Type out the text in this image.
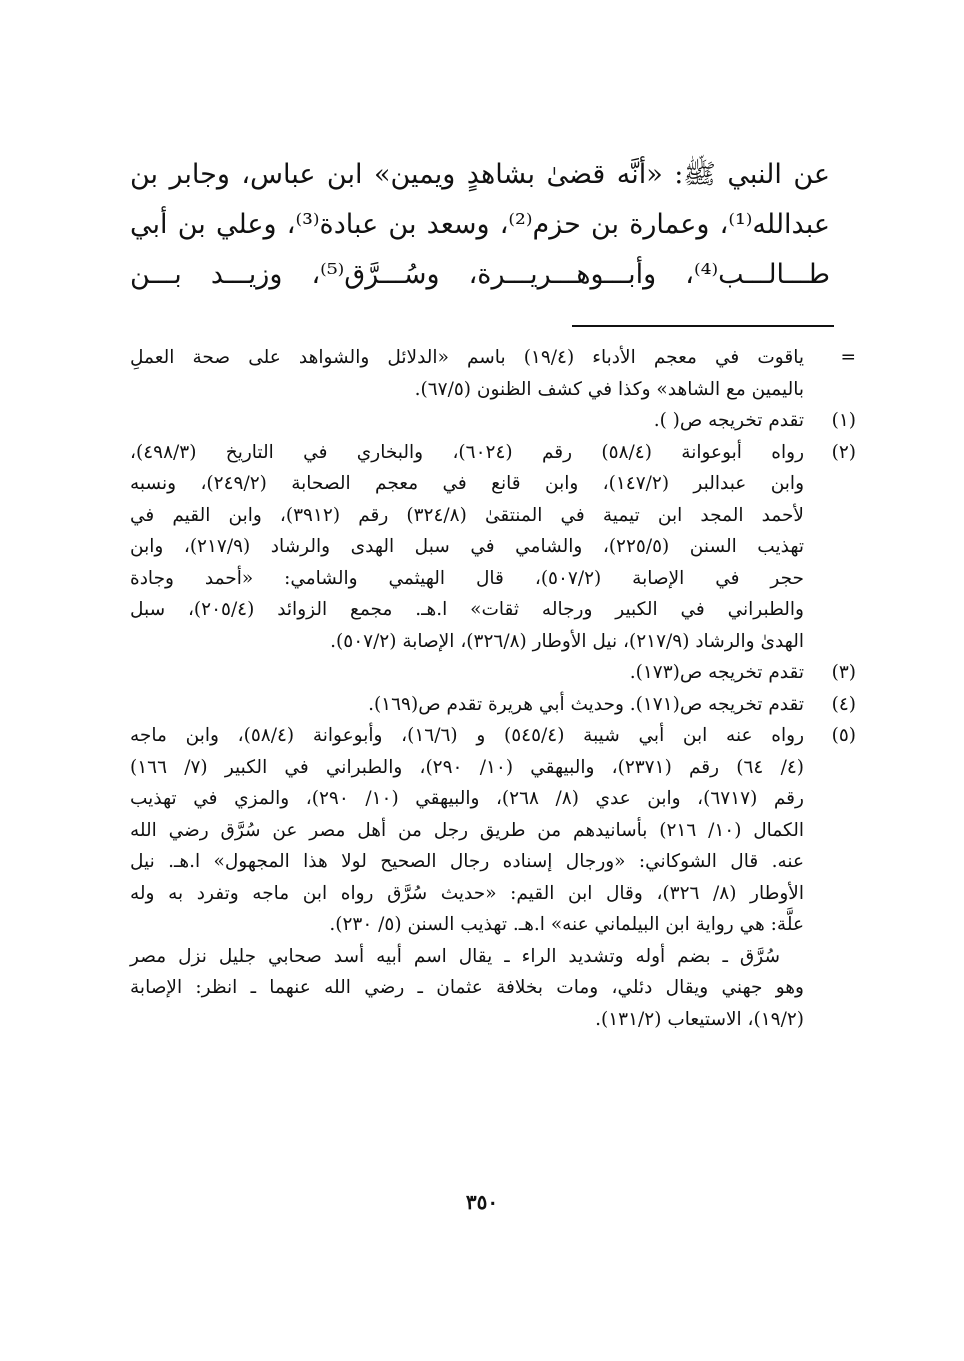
عن النبي ﷺ: «أنَّه قضىٰ بشاهدٍ ويمين» ابن عباس، وجابر بن
عبدالله⁽¹⁾، وعمارة بن حزم⁽²⁾، وسعد بن عبادة⁽³⁾، وعلي بن أبي
طـــالـــب⁽⁴⁾، وأبـــوهـــريـــرة، وسُـــرَّق⁽⁵⁾، وزيـــد بـــن
=
ياقوت في معجم الأدباء (١٩/٤) باسم «الدلائل والشواهد على صحة العملِ
باليمين مع الشاهد» وكذا في كشف الظنون (٦٧/٥).
(١)
تقدم تخريجه ص( ).
(٢)
رواه أبوعوانة (٥٨/٤) رقم (٦٠٢٤)، والبخاري في التاريخ (٤٩٨/٣)،
وابن عبدالبر (١٤٧/٢)، وابن قانع في معجم الصحابة (٢٤٩/٢)، ونسبه
لأحمد المجد ابن تيمية في المنتقىٰ (٣٢٤/٨) رقم (٣٩١٢)، وابن القيم في
تهذيب السنن (٢٢٥/٥)، والشامي في سبل الهدى والرشاد (٢١٧/٩)، وابن
حجر في الإصابة (٥٠٧/٢)، قال الهيثمي والشامي: «أحمد وجادة
والطبراني في الكبير ورجاله ثقات» ا.هـ. مجمع الزوائد (٢٠٥/٤)، سبل
الهدىٰ والرشاد (٢١٧/٩)، نيل الأوطار (٣٢٦/٨)، الإصابة (٥٠٧/٢).
(٣)
تقدم تخريجه ص(١٧٣).
(٤)
تقدم تخريجه ص(١٧١). وحديث أبي هريرة تقدم ص(١٦٩).
(٥)
رواه عنه ابن أبي شيبة (٥٤٥/٤) و (١٦/٦)، وأبوعوانة (٥٨/٤)، وابن ماجه
(٤/ ٦٤) رقم (٢٣٧١)، والبيهقي (١٠/ ٢٩٠)، والطبراني في الكبير (٧/ ١٦٦)
رقم (٦٧١٧)، وابن عدي (٨/ ٢٦٨)، والبيهقي (١٠/ ٢٩٠)، والمزي في تهذيب
الكمال (١٠/ ٢١٦) بأسانيدهم من طريق رجل من أهل مصر عن سُرَّق رضي الله
عنه. قال الشوكاني: «ورجال إسناده رجال الصحيح لولا هذا المجهول» ا.هـ. نيل
الأوطار (٨/ ٣٢٦)، وقال ابن القيم: «حديث سُرَّق رواه ابن ماجه وتفرد به وله
علَّة: هي رواية ابن البيلماني عنه» ا.هـ. تهذيب السنن (٥/ ٢٣٠).
سُرَّق ـ بضم أوله وتشديد الراء ـ يقال اسم أبيه أسد صحابي جليل نزل مصر
وهو جهني ويقال دئلي، ومات بخلافة عثمان ـ رضي الله عنهما ـ انظر: الإصابة
(١٩/٢)، الاستيعاب (١٣١/٢).
٣٥٠
